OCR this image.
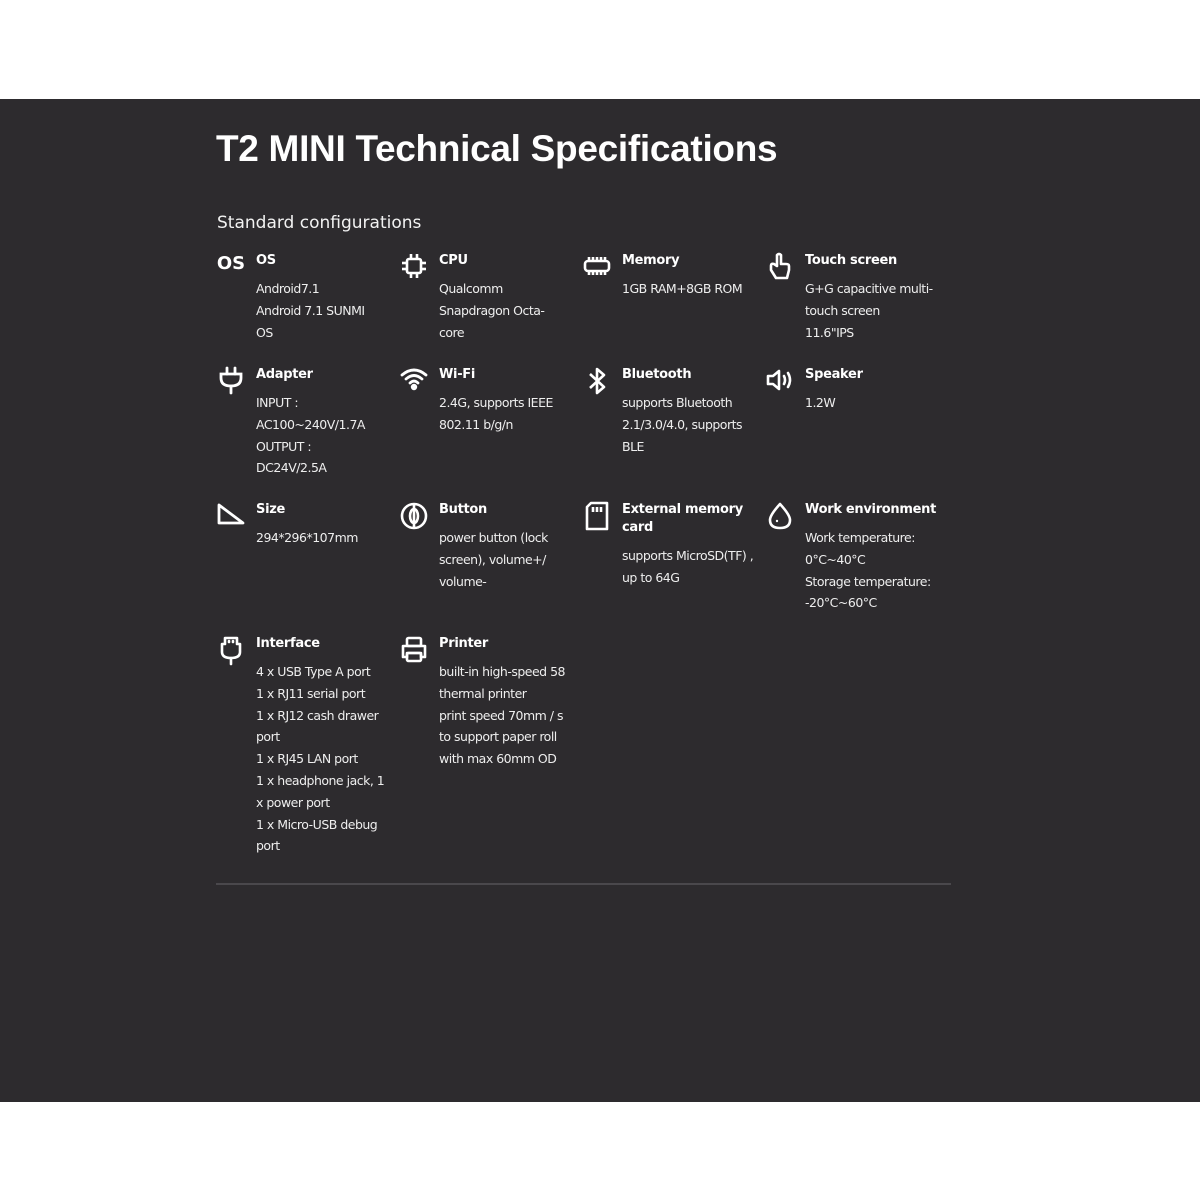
T2 MINI Technical Specifications
Standard configurations
OS OS
Android7.1
Android 7.1 SUNMI
OS
CPU
Qualcomm
Snapdragon Octa-
core
Memory
1GB RAM+8GB ROM
Touch screen
G+G capacitive multi-
touch screen
11.6"IPS
Adapter
INPUT :
AC100~240V/1.7A
OUTPUT :
DC24V/2.5A
Wi-Fi
2.4G, supports IEEE
802.11 b/g/n
Bluetooth
supports Bluetooth
2.1/3.0/4.0, supports
BLE
Speaker
1.2W
Size
294*296*107mm
Button
power button (lock
screen), volume+/
volume-
External memory card
supports MicroSD(TF) ,
up to 64G
Work environment
Work temperature:
0°C~40°C
Storage temperature:
-20°C~60°C
Interface
4 x USB Type A port
1 x RJ11 serial port
1 x RJ12 cash drawer
port
1 x RJ45 LAN port
1 x headphone jack, 1
x power port
1 x Micro-USB debug
port
Printer
built-in high-speed 58
thermal printer
print speed 70mm / s
to support paper roll
with max 60mm OD
